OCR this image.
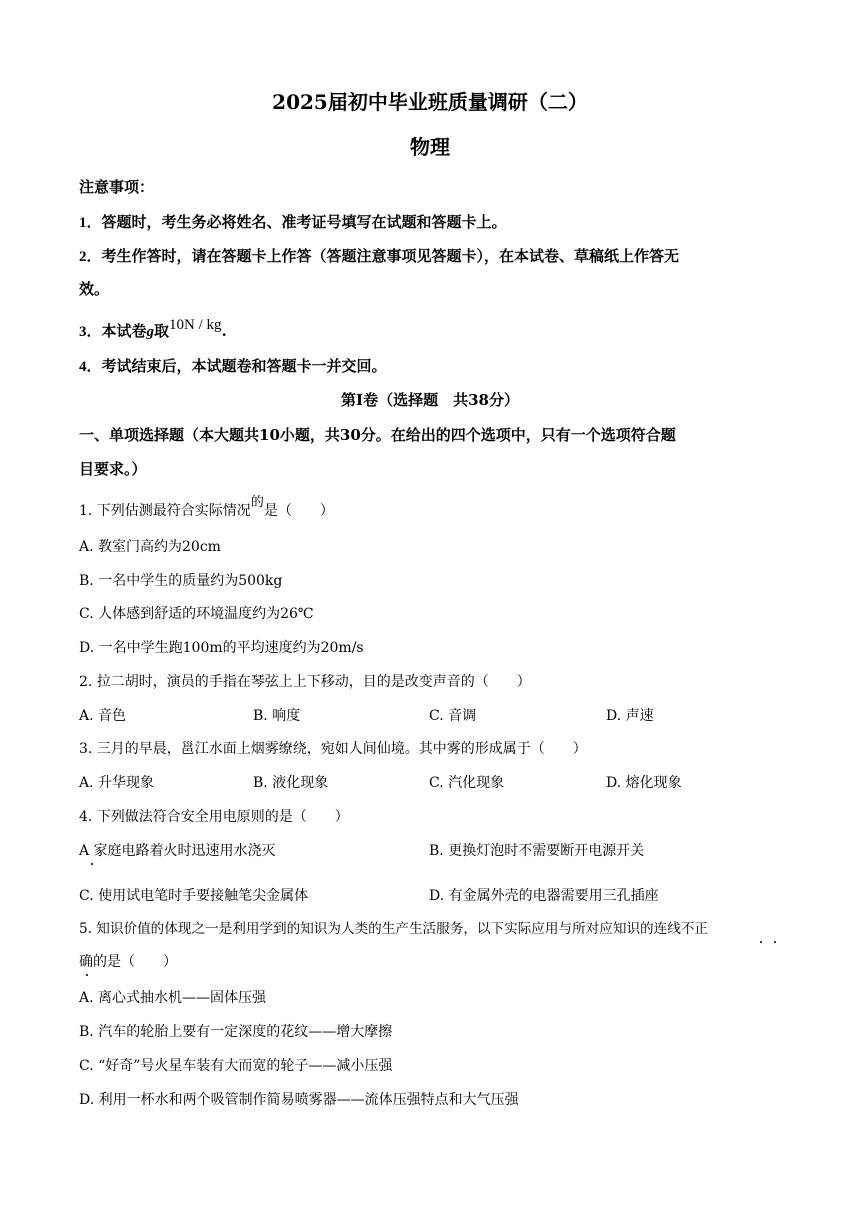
2025届初中毕业班质量调研（二）
物理
注意事项：
1．答题时，考生务必将姓名、准考证号填写在试题和答题卡上。
2．考生作答时，请在答题卡上作答（答题注意事项见答题卡），在本试卷、草稿纸上作答无
效。
3．本试卷g取10N / kg.
4．考试结束后，本试题卷和答题卡一并交回。
第Ⅰ卷（选择题　共38分）
一、单项选择题（本大题共10小题，共30分。在给出的四个选项中，只有一个选项符合题
目要求。）
1. 下列估测最符合实际情况的是（　　）
A. 教室门高约为20cm
B. 一名中学生的质量约为500kg
C. 人体感到舒适的环境温度约为26℃
D. 一名中学生跑100m的平均速度约为20m/s
2. 拉二胡时，演员的手指在琴弦上上下移动，目的是改变声音的（　　）
A. 音色	B. 响度	C. 音调	D. 声速
3. 三月的早晨，邕江水面上烟雾缭绕，宛如人间仙境。其中雾的形成属于（　　）
A. 升华现象	B. 液化现象	C. 汽化现象	D. 熔化现象
4. 下列做法符合安全用电原则的是（　　）
A 家庭电路着火时迅速用水浇灭	B. 更换灯泡时不需要断开电源开关
C. 使用试电笔时手要接触笔尖金属体	D. 有金属外壳的电器需要用三孔插座
5. 知识价值的体现之一是利用学到的知识为人类的生产生活服务，以下实际应用与所对应知识的连线不正
确的是（　　）
A. 离心式抽水机——固体压强
B. 汽车的轮胎上要有一定深度的花纹——增大摩擦
C. “好奇”号火星车装有大而宽的轮子——减小压强
D. 利用一杯水和两个吸管制作简易喷雾器——流体压强特点和大气压强
